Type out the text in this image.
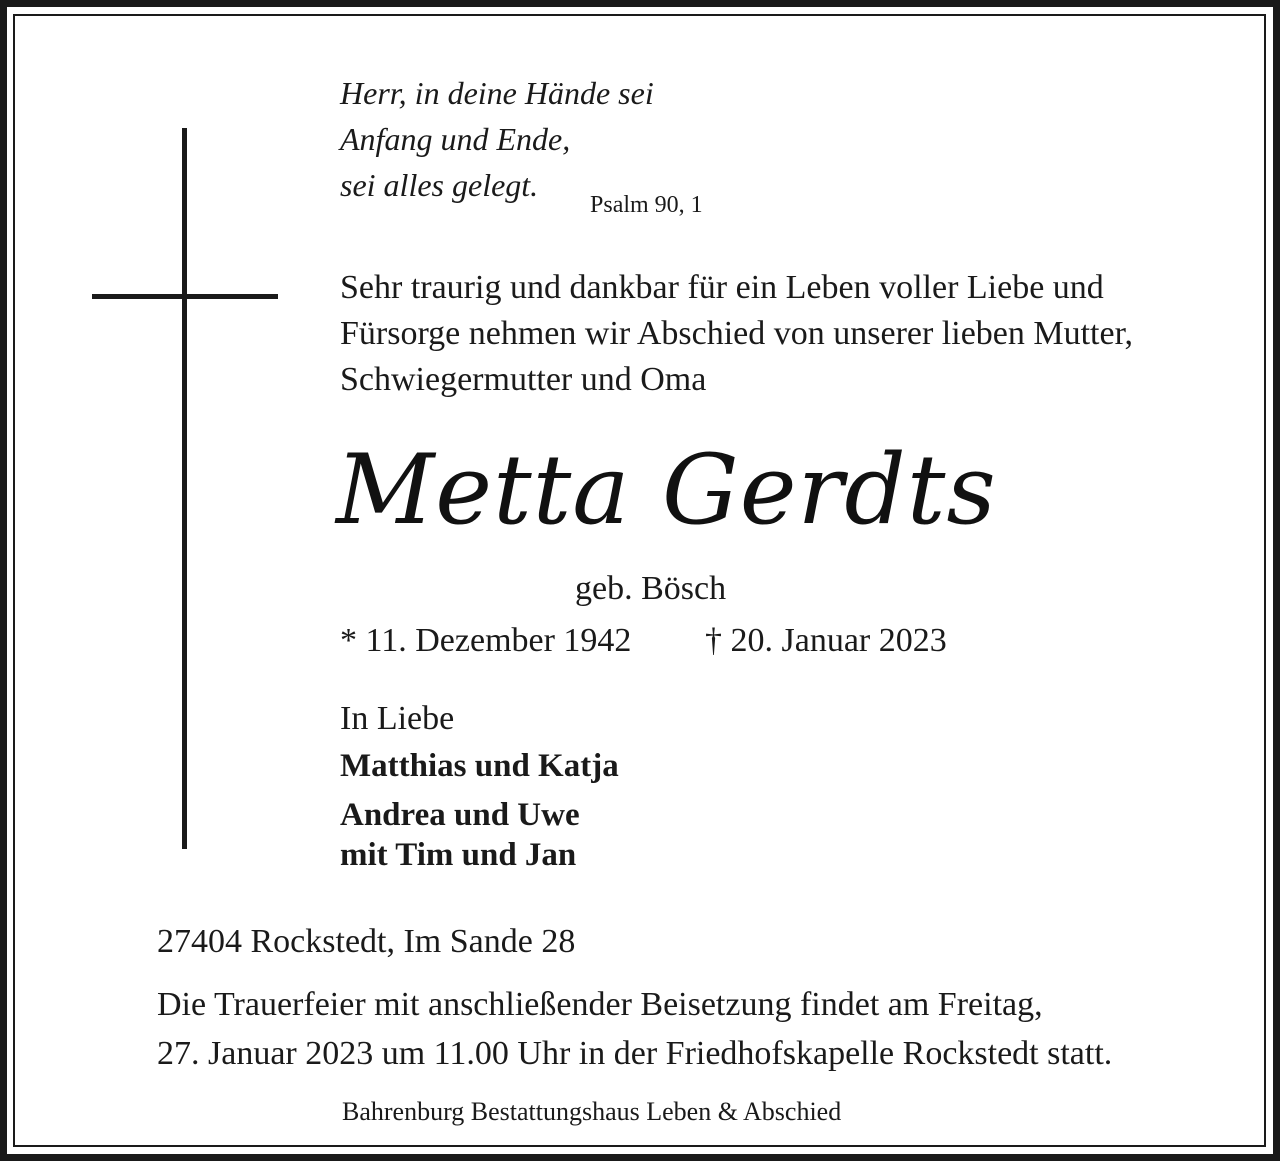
Herr, in deine Hände sei
Anfang und Ende,
sei alles gelegt.
Psalm 90, 1
Sehr traurig und dankbar für ein Leben voller Liebe und
Fürsorge nehmen wir Abschied von unserer lieben Mutter,
Schwiegermutter und Oma
Metta Gerdts
geb. Bösch
* 11. Dezember 1942 † 20. Januar 2023
In Liebe
Matthias und Katja
Andrea und Uwe
mit Tim und Jan
27404 Rockstedt, Im Sande 28
Die Trauerfeier mit anschließender Beisetzung findet am Freitag,
27. Januar 2023 um 11.00 Uhr in der Friedhofskapelle Rockstedt statt.
Bahrenburg Bestattungshaus Leben & Abschied
